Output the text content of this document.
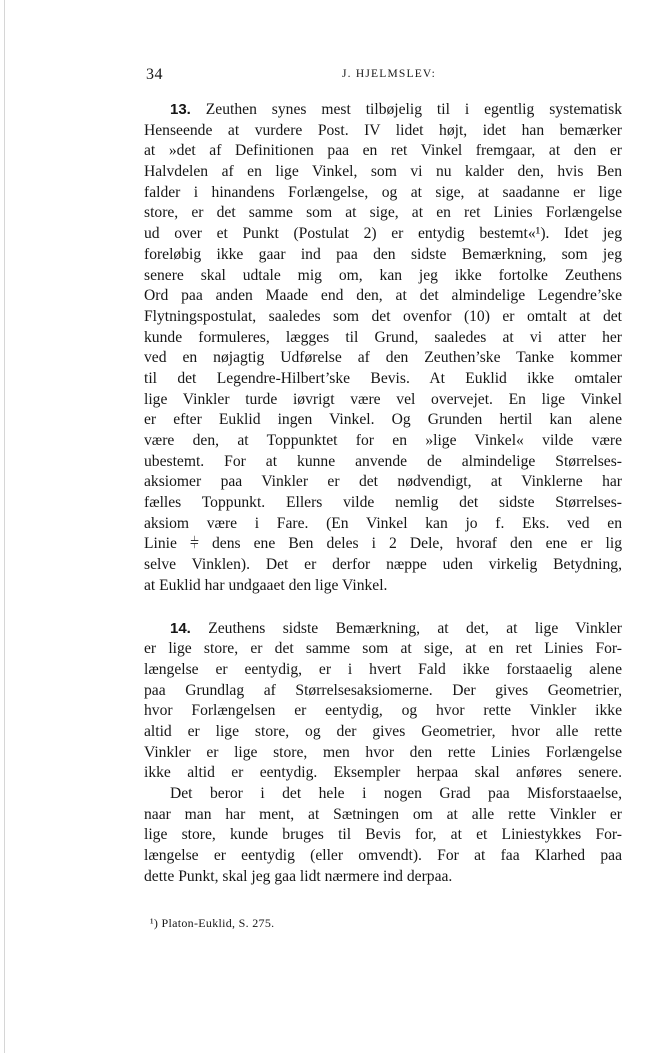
34	J. HJELMSLEV:
13. Zeuthen synes mest tilbøjelig til i egentlig systematisk
Henseende at vurdere Post. IV lidet højt, idet han bemærker
at »det af Definitionen paa en ret Vinkel fremgaar, at den er
Halvdelen af en lige Vinkel, som vi nu kalder den, hvis Ben
falder i hinandens Forlængelse, og at sige, at saadanne er lige
store, er det samme som at sige, at en ret Linies Forlængelse
ud over et Punkt (Postulat 2) er entydig bestemt«¹). Idet jeg
foreløbig ikke gaar ind paa den sidste Bemærkning, som jeg
senere skal udtale mig om, kan jeg ikke fortolke Zeuthens
Ord paa anden Maade end den, at det almindelige Legendre’ske
Flytningspostulat, saaledes som det ovenfor (10) er omtalt at det
kunde formuleres, lægges til Grund, saaledes at vi atter her
ved en nøjagtig Udførelse af den Zeuthen’ske Tanke kommer
til det Legendre-Hilbert’ske Bevis. At Euklid ikke omtaler
lige Vinkler turde iøvrigt være vel overvejet. En lige Vinkel
er efter Euklid ingen Vinkel. Og Grunden hertil kan alene
være den, at Toppunktet for en »lige Vinkel« vilde være
ubestemt. For at kunne anvende de almindelige Størrelses-
aksiomer paa Vinkler er det nødvendigt, at Vinklerne har
fælles Toppunkt. Ellers vilde nemlig det sidste Størrelses-
aksiom være i Fare. (En Vinkel kan jo f. Eks. ved en
Linie ⫩ dens ene Ben deles i 2 Dele, hvoraf den ene er lig
selve Vinklen). Det er derfor næppe uden virkelig Betydning,
at Euklid har undgaaet den lige Vinkel.
14. Zeuthens sidste Bemærkning, at det, at lige Vinkler
er lige store, er det samme som at sige, at en ret Linies For-
længelse er eentydig, er i hvert Fald ikke forstaaelig alene
paa Grundlag af Størrelsesaksiomerne. Der gives Geometrier,
hvor Forlængelsen er eentydig, og hvor rette Vinkler ikke
altid er lige store, og der gives Geometrier, hvor alle rette
Vinkler er lige store, men hvor den rette Linies Forlængelse
ikke altid er eentydig. Eksempler herpaa skal anføres senere.
Det beror i det hele i nogen Grad paa Misforstaaelse,
naar man har ment, at Sætningen om at alle rette Vinkler er
lige store, kunde bruges til Bevis for, at et Liniestykkes For-
længelse er eentydig (eller omvendt). For at faa Klarhed paa
dette Punkt, skal jeg gaa lidt nærmere ind derpaa.
¹) Platon-Euklid, S. 275.
